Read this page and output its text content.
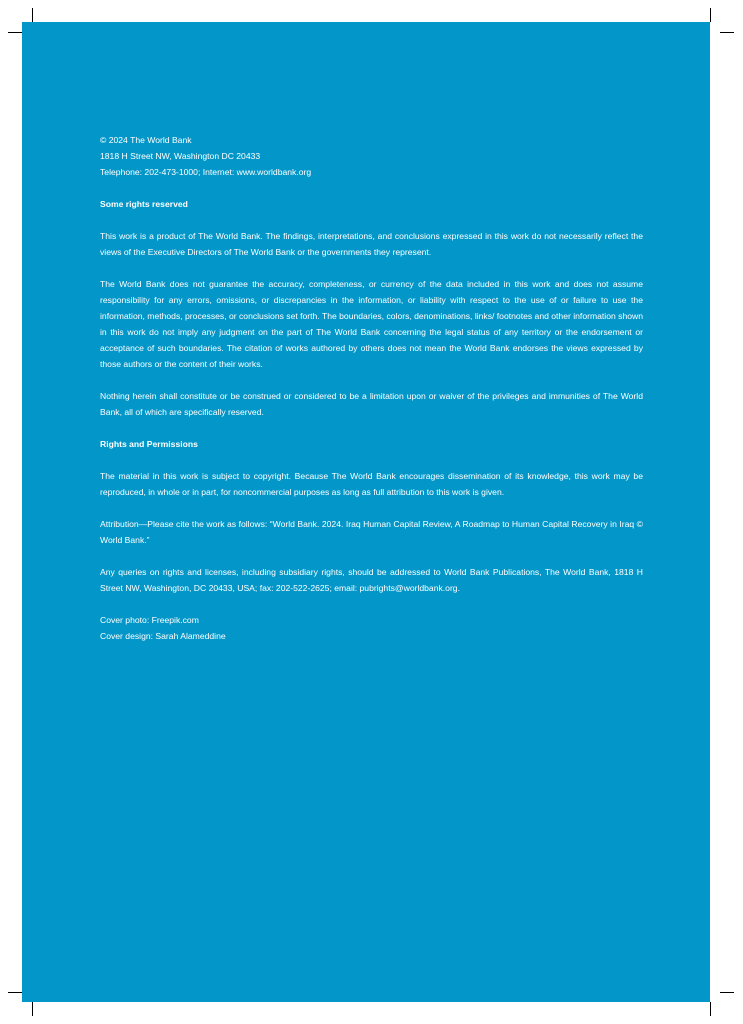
© 2024 The World Bank
1818 H Street NW, Washington DC 20433
Telephone: 202-473-1000; Internet: www.worldbank.org

Some rights reserved

This work is a product of The World Bank. The findings, interpretations, and conclusions expressed in this work do not necessarily reflect the views of the Executive Directors of The World Bank or the governments they represent.

The World Bank does not guarantee the accuracy, completeness, or currency of the data included in this work and does not assume responsibility for any errors, omissions, or discrepancies in the information, or liability with respect to the use of or failure to use the information, methods, processes, or conclusions set forth. The boundaries, colors, denominations, links/ footnotes and other information shown in this work do not imply any judgment on the part of The World Bank concerning the legal status of any territory or the endorsement or acceptance of such boundaries. The citation of works authored by others does not mean the World Bank endorses the views expressed by those authors or the content of their works.

Nothing herein shall constitute or be construed or considered to be a limitation upon or waiver of the privileges and immunities of The World Bank, all of which are specifically reserved.

Rights and Permissions

The material in this work is subject to copyright. Because The World Bank encourages dissemination of its knowledge, this work may be reproduced, in whole or in part, for noncommercial purposes as long as full attribution to this work is given.

Attribution—Please cite the work as follows: “World Bank. 2024. Iraq Human Capital Review, A Roadmap to Human Capital Recovery in Iraq © World Bank.”

Any queries on rights and licenses, including subsidiary rights, should be addressed to World Bank Publications, The World Bank, 1818 H Street NW, Washington, DC 20433, USA; fax: 202-522-2625; email: pubrights@worldbank.org.

Cover photo: Freepik.com
Cover design: Sarah Alameddine
